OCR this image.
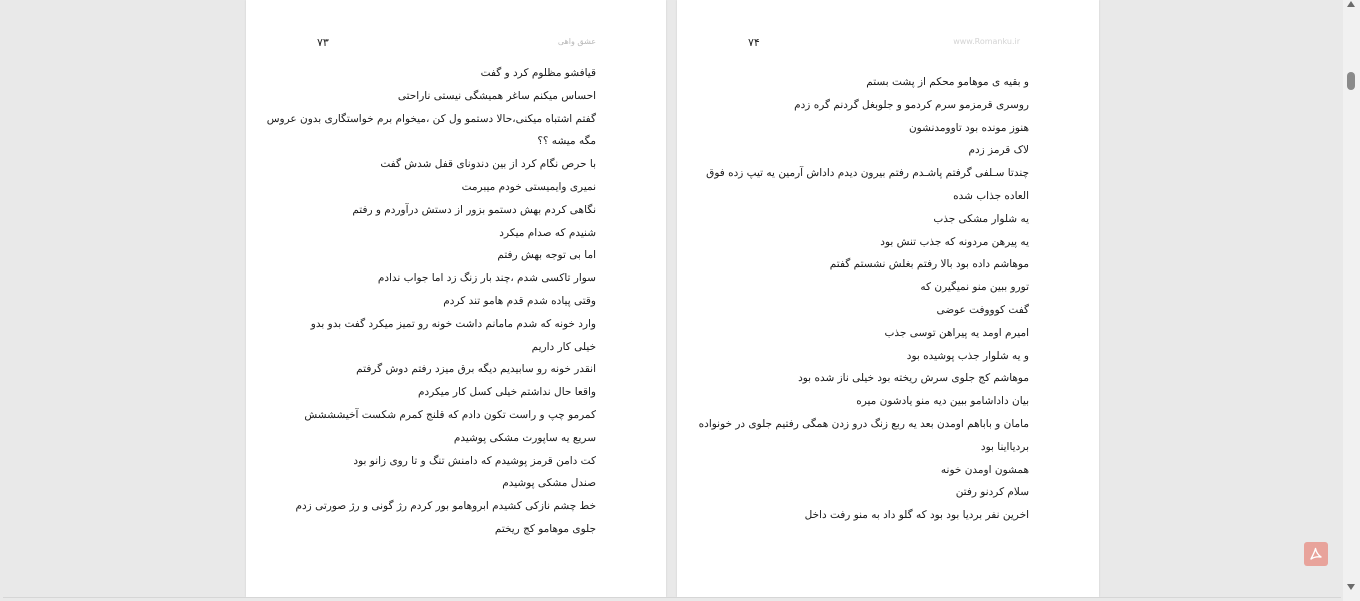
۷۳	عشق واهی
قیافشو مظلوم کرد و گفت
احساس میکنم ساغر همیشگی نیستی ناراحتی
گفتم اشتباه میکنی،حالا دستمو ول کن ،میخوام برم خواستگاری بدون عروس
مگه میشه ؟؟
با حرص نگام کرد از بین دندونای قفل شدش گفت
نمیری وایمیستی خودم میبرمت
نگاهی کردم بهش دستمو بزور از دستش درآوردم و رفتم
شنیدم که صدام میکرد
اما بی توجه بهش رفتم
سوار تاکسی شدم ،چند بار زنگ زد اما جواب ندادم
وقتی پیاده شدم قدم هامو تند کردم
وارد خونه که شدم مامانم داشت خونه رو تمیز میکرد گفت بدو بدو
خیلی کار داریم
انقدر خونه رو سابیدیم دیگه برق میزد رفتم دوش گرفتم
واقعا حال نداشتم خیلی کسل کار میکردم
کمرمو چپ و راست تکون دادم که قلنج کمرم شکست آخیشششش
سریع یه ساپورت مشکی پوشیدم
کت دامن قرمز پوشیدم که دامنش تنگ و تا روی زانو بود
صندل مشکی پوشیدم
خط چشم نازکی کشیدم ابروهامو بور کردم رژ گونی و رژ صورتی زدم
جلوی موهامو کج ریختم
۷۴	www.Romanku.ir
و بقیه ی موهامو محکم از پشت بستم
روسری قرمزمو سرم کردمو و جلوبغل گردنم گره زدم
هنوز مونده بود تاوومدنشون
لاک قرمز زدم
چندتا سـلفی گرفتم پاشـدم رفتم بیرون دیدم داداش آرمین یه تیپ زده فوق
العاده جذاب شده
یه شلوار مشکی جذب
یه پیرهن مردونه که جذب تنش بود
موهاشم داده بود بالا رفتم بغلش نشستم گفتم
تورو ببین منو نمیگیرن که
گفت کوووفت عوضی
امیرم اومد یه پیراهن توسی جذب
و یه شلوار جذب پوشیده بود
موهاشم کج جلوی سرش ریخته بود خیلی ناز شده بود
بیان داداشامو ببین دیه منو یادشون میره
مامان و باباهم اومدن بعد یه ربع زنگ درو زدن همگی رفتیم جلوی در خونواده
بردیااینا بود
همشون اومدن خونه
سلام کردنو رفتن
اخرین نفر بردیا بود بود که گلو داد به منو رفت داخل
